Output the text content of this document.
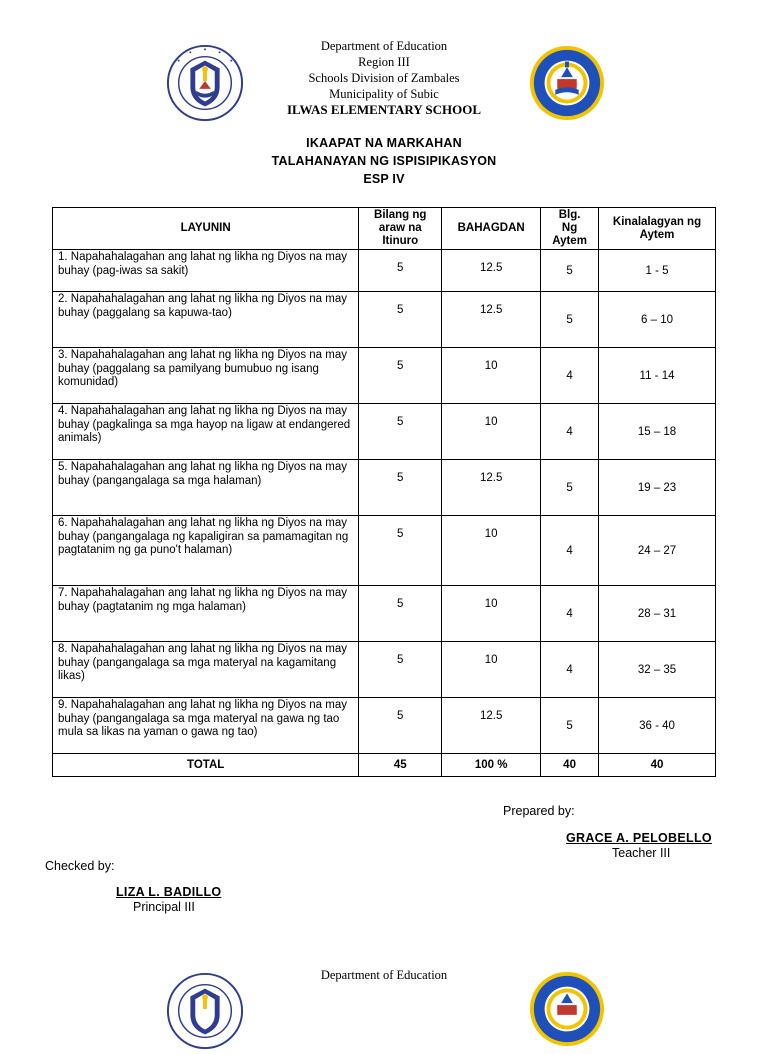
Department of Education
Region III
Schools Division of Zambales
Municipality of Subic
ILWAS ELEMENTARY SCHOOL
IKAAPAT NA MARKAHAN
TALAHANAYAN NG ISPISIPIKASYON
ESP IV
LAYUNIN	Bilang ng araw na Itinuro	BAHAGDAN	Blg. Ng Aytem	Kinalalagyan ng Aytem

1. Napahahalagahan ang lahat ng likha ng Diyos na may buhay (pag-iwas sa sakit)	5	12.5	5	1 - 5
2. Napahahalagahan ang lahat ng likha ng Diyos na may buhay (paggalang sa kapuwa-tao)	5	12.5	5	6 – 10
3. Napahahalagahan ang lahat ng likha ng Diyos na may buhay (paggalang sa pamilyang bumubuo ng isang komunidad)	5	10	4	11 - 14
4. Napahahalagahan ang lahat ng likha ng Diyos na may buhay (pagkalinga sa mga hayop na ligaw at endangered animals)	5	10	4	15 – 18
5. Napahahalagahan ang lahat ng likha ng Diyos na may buhay (pangangalaga sa mga halaman)	5	12.5	5	19 – 23
6. Napahahalagahan ang lahat ng likha ng Diyos na may buhay (pangangalaga ng kapaligiran sa pamamagitan ng pagtatanim ng ga puno't halaman)	5	10	4	24 – 27
7. Napahahalagahan ang lahat ng likha ng Diyos na may buhay (pagtatanim ng mga halaman)	5	10	4	28 – 31
8. Napahahalagahan ang lahat ng likha ng Diyos na may buhay (pangangalaga sa mga materyal na kagamitang likas)	5	10	4	32 – 35
9. Napahahalagahan ang lahat ng likha ng Diyos na may buhay (pangangalaga sa mga materyal na gawa ng tao mula sa likas na yaman o gawa ng tao)	5	12.5	5	36 - 40
TOTAL	45	100 %	40	40
Prepared by:
GRACE A. PELOBELLO
Teacher III
Checked by:
LIZA L. BADILLO
Principal III
Department of Education
